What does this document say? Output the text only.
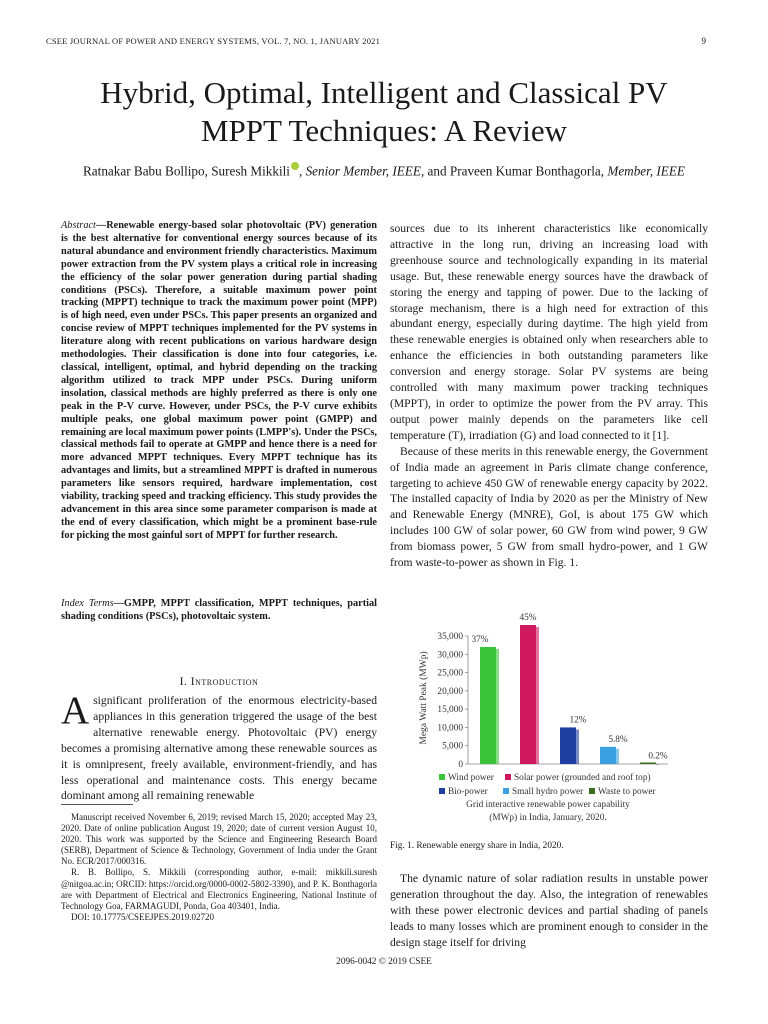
CSEE JOURNAL OF POWER AND ENERGY SYSTEMS, VOL. 7, NO. 1, JANUARY 2021	9
Hybrid, Optimal, Intelligent and Classical PV
MPPT Techniques: A Review
Ratnakar Babu Bollipo, Suresh Mikkili , Senior Member, IEEE, and Praveen Kumar Bonthagorla, Member, IEEE
Abstract—Renewable energy-based solar photovoltaic (PV) generation is the best alternative for conventional energy sources because of its natural abundance and environment friendly characteristics. Maximum power extraction from the PV system plays a critical role in increasing the efficiency of the solar power generation during partial shading conditions (PSCs). Therefore, a suitable maximum power point tracking (MPPT) technique to track the maximum power point (MPP) is of high need, even under PSCs. This paper presents an organized and concise review of MPPT techniques implemented for the PV systems in literature along with recent publications on various hardware design methodologies. Their classification is done into four categories, i.e. classical, intelligent, optimal, and hybrid depending on the tracking algorithm utilized to track MPP under PSCs. During uniform insolation, classical methods are highly preferred as there is only one peak in the P-V curve. However, under PSCs, the P-V curve exhibits multiple peaks, one global maximum power point (GMPP) and remaining are local maximum power points (LMPP's). Under the PSCs, classical methods fail to operate at GMPP and hence there is a need for more advanced MPPT techniques. Every MPPT technique has its advantages and limits, but a streamlined MPPT is drafted in numerous parameters like sensors required, hardware implementation, cost viability, tracking speed and tracking efficiency. This study provides the advancement in this area since some parameter comparison is made at the end of every classification, which might be a prominent base-rule for picking the most gainful sort of MPPT for further research.
Index Terms—GMPP, MPPT classification, MPPT techniques, partial shading conditions (PSCs), photovoltaic system.
I. Introduction
Asignificant proliferation of the enormous electricity-based appliances in this generation triggered the usage of the best alternative renewable energy. Photovoltaic (PV) energy becomes a promising alternative among these renewable sources as it is omnipresent, freely available, environment-friendly, and has less operational and maintenance costs. This energy became dominant among all remaining renewable

Manuscript received November 6, 2019; revised March 15, 2020; accepted May 23, 2020. Date of online publication August 19, 2020; date of current version August 10, 2020. This work was supported by the Science and Engineering Research Board (SERB), Department of Science & Technology, Government of India under the Grant No. ECR/2017/000316.

R. B. Bollipo, S. Mikkili (corresponding author, e-mail: mikkili.suresh @nitgoa.ac.in; ORCID: https://orcid.org/0000-0002-5802-3390), and P. K. Bonthagorla are with Department of Electrical and Electronics Engineering, National Institute of Technology Goa, FARMAGUDI, Ponda, Goa 403401, India.

DOI: 10.17775/CSEEJPES.2019.02720

sources due to its inherent characteristics like economically attractive in the long run, driving an increasing load with greenhouse source and technologically expanding in its material usage. But, these renewable energy sources have the drawback of storing the energy and tapping of power. Due to the lacking of storage mechanism, there is a high need for extraction of this abundant energy, especially during daytime. The high yield from these renewable energies is obtained only when researchers able to enhance the efficiencies in both outstanding parameters like conversion and energy storage. Solar PV systems are being controlled with many maximum power tracking techniques (MPPT), in order to optimize the power from the PV array. This output power mainly depends on the parameters like cell temperature (T), irradiation (G) and load connected to it [1].

Because of these merits in this renewable energy, the Government of India made an agreement in Paris climate change conference, targeting to achieve 450 GW of renewable energy capacity by 2022. The installed capacity of India by 2020 as per the Ministry of New and Renewable Energy (MNRE), GoI, is about 175 GW which includes 100 GW of solar power, 60 GW from wind power, 9 GW from biomass power, 5 GW from small hydro-power, and 1 GW from waste-to-power as shown in Fig. 1.

Mega Watt Peak (MWp)
0
5,000
10,000
15,000
20,000
25,000
30,000
35,000 37%
45%
12%
5.8%
0.2%
Wind power Solar power (grounded and roof top)
Bio-power	Small hydro power Waste to power
Grid interactive renewable power capability
(MWp) in India, January, 2020.
Fig. 1. Renewable energy share in India, 2020.

The dynamic nature of solar radiation results in unstable power generation throughout the day. Also, the integration of renewables with these power electronic devices and partial shading of panels leads to many losses which are prominent enough to consider in the design stage itself for driving

2096-0042 © 2019 CSEE
